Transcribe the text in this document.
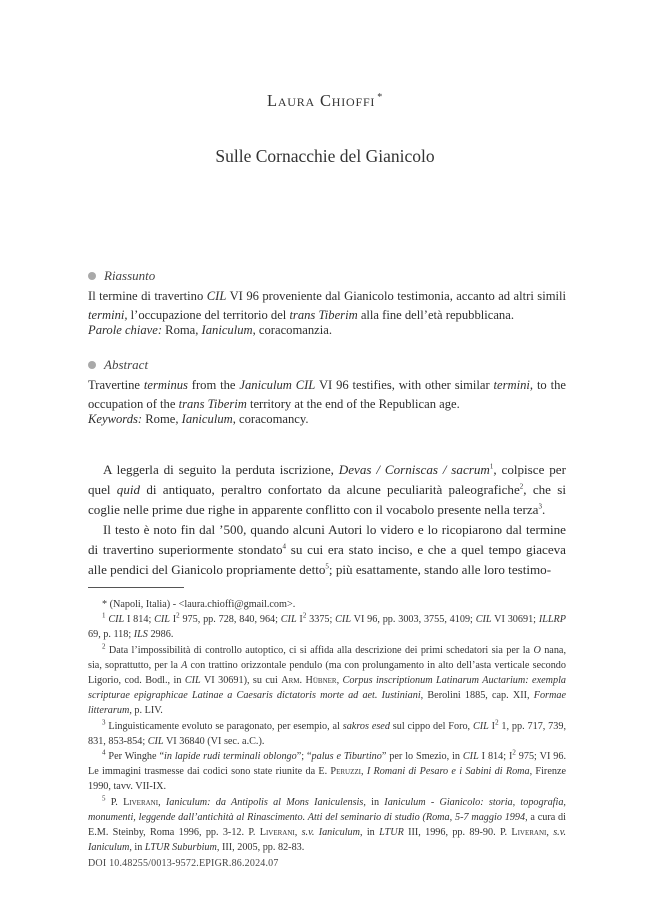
Laura Chioffi *
Sulle Cornacchie del Gianicolo
Riassunto
Il termine di travertino CIL VI 96 proveniente dal Gianicolo testimonia, accanto ad altri simili termini, l’occupazione del territorio del trans Tiberim alla fine dell’età repubblicana.
Parole chiave: Roma, Ianiculum, coracomanzia.
Abstract
Travertine terminus from the Janiculum CIL VI 96 testifies, with other similar termini, to the occupation of the trans Tiberim territory at the end of the Republican age.
Keywords: Rome, Ianiculum, coracomancy.

A leggerla di seguito la perduta iscrizione, Devas / Corniscas / sacrum$^1$, colpisce per quel quid di antiquato, peraltro confortato da alcune peculiarità paleografiche$^2$, che si coglie nelle prime due righe in apparente conflitto con il vocabolo presente nella terza$^3$.

Il testo è noto fin dal ’500, quando alcuni Autori lo videro e lo ricopiarono dal termine di travertino superiormente stondato$^4$ su cui era stato inciso, e che a quel tempo giaceva alle pendici del Gianicolo propriamente detto$^5$; più esattamente, stando alle loro testimo-

* (Napoli, Italia) - <laura.chioffi@gmail.com>.

$^1$ CIL I 814; CIL $I^2$ 975, pp. 728, 840, 964; CIL $I^2$ 3375; CIL VI 96, pp. 3003, 3755, 4109; CIL VI 30691; ILLRP 69, p. 118; ILS 2986.

$^2$ Data l’impossibilità di controllo autoptico, ci si affida alla descrizione dei primi schedatori sia per la O nana, sia, soprattutto, per la A con trattino orizzontale pendulo (ma con prolungamento in alto dell’asta verticale secondo Ligorio, cod. Bodl., in CIL VI 30691), su cui Arm. Hübner, Corpus inscriptionum Latinarum Auctarium: exempla scripturae epigraphicae Latinae a Caesaris dictatoris morte ad aet. Iustiniani, Berolini 1885, cap. XII, Formae litterarum, p. LIV.

$^3$ Linguisticamente evoluto se paragonato, per esempio, al sakros esed sul cippo del Foro, CIL $I^2$ 1, pp. 717, 739, 831, 853-854; CIL VI 36840 (VI sec. a.C.).

$^4$ Per Winghe “in lapide rudi terminali oblongo”; “palus e Tiburtino” per lo Smezio, in CIL I 814; $I^2$ 975; VI 96. Le immagini trasmesse dai codici sono state riunite da E. Peruzzi, I Romani di Pesaro e i Sabini di Roma, Firenze 1990, tavv. VII-IX.

$^5$ P. Liverani, Ianiculum: da Antipolis al Mons Ianiculensis, in Ianiculum - Gianicolo: storia, topografia, monumenti, leggende dall’antichità al Rinascimento. Atti del seminario di studio (Roma, 5-7 maggio 1994, a cura di E.M. Steinby, Roma 1996, pp. 3-12. P. Liverani, s.v. Ianiculum, in LTUR III, 1996, pp. 89-90. P. Liverani, s.v. Ianiculum, in LTUR Suburbium, III, 2005, pp. 82-83.

DOI 10.48255/0013-9572.EPIGR.86.2024.07
